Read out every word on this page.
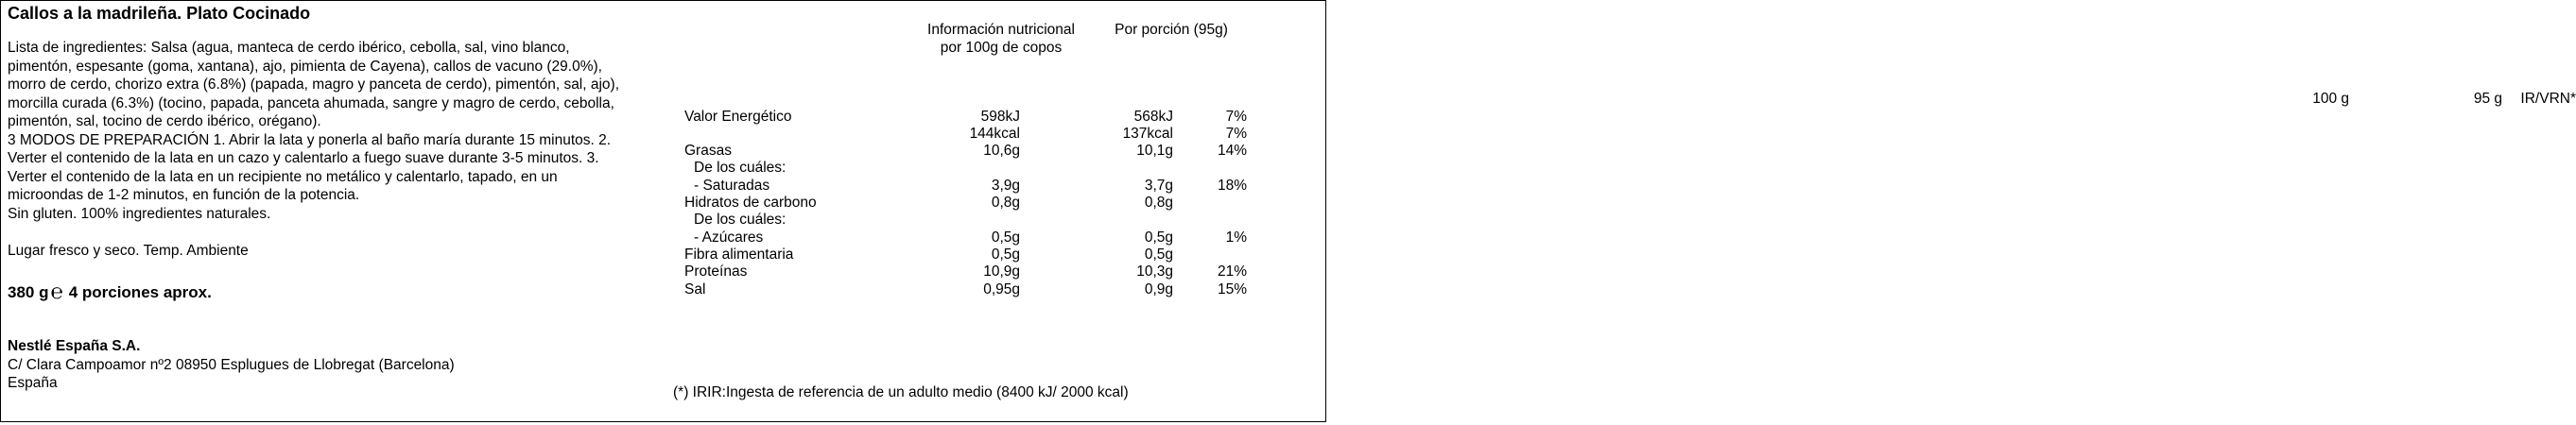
Callos a la madrileña. Plato Cocinado
Lista de ingredientes: Salsa (agua, manteca de cerdo ibérico, cebolla, sal, vino blanco,
pimentón, espesante (goma, xantana), ajo, pimienta de Cayena), callos de vacuno (29.0%),
morro de cerdo, chorizo extra (6.8%) (papada, magro y panceta de cerdo), pimentón, sal, ajo),
morcilla curada (6.3%) (tocino, papada, panceta ahumada, sangre y magro de cerdo, cebolla,
pimentón, sal, tocino de cerdo ibérico, orégano).
3 MODOS DE PREPARACIÓN 1. Abrir la lata y ponerla al baño maría durante 15 minutos. 2.
Verter el contenido de la lata en un cazo y calentarlo a fuego suave durante 3-5 minutos. 3.
Verter el contenido de la lata en un recipiente no metálico y calentarlo, tapado, en un
microondas de 1-2 minutos, en función de la potencia.
Sin gluten. 100% ingredientes naturales.
Lugar fresco y seco. Temp. Ambiente
380 g℮ 4 porciones aprox.
Nestlé España S.A.
C/ Clara Campoamor nº2 08950 Esplugues de Llobregat (Barcelona)
España
Información nutricional
por 100g de copos
Por porción (95g)
100 g	95 g IR/VRN*
Valor Energético	598kJ	568kJ	7%
144kcal	137kcal	7%
Grasas	10,6g	10,1g	14%
De los cuáles:
- Saturadas	3,9g	3,7g	18%
Hidratos de carbono	0,8g	0,8g
De los cuáles:
- Azúcares	0,5g	0,5g	1%
Fibra alimentaria	0,5g	0,5g
Proteínas	10,9g	10,3g	21%
Sal	0,95g	0,9g	15%
(*) IRIR:Ingesta de referencia de un adulto medio (8400 kJ/ 2000 kcal)
